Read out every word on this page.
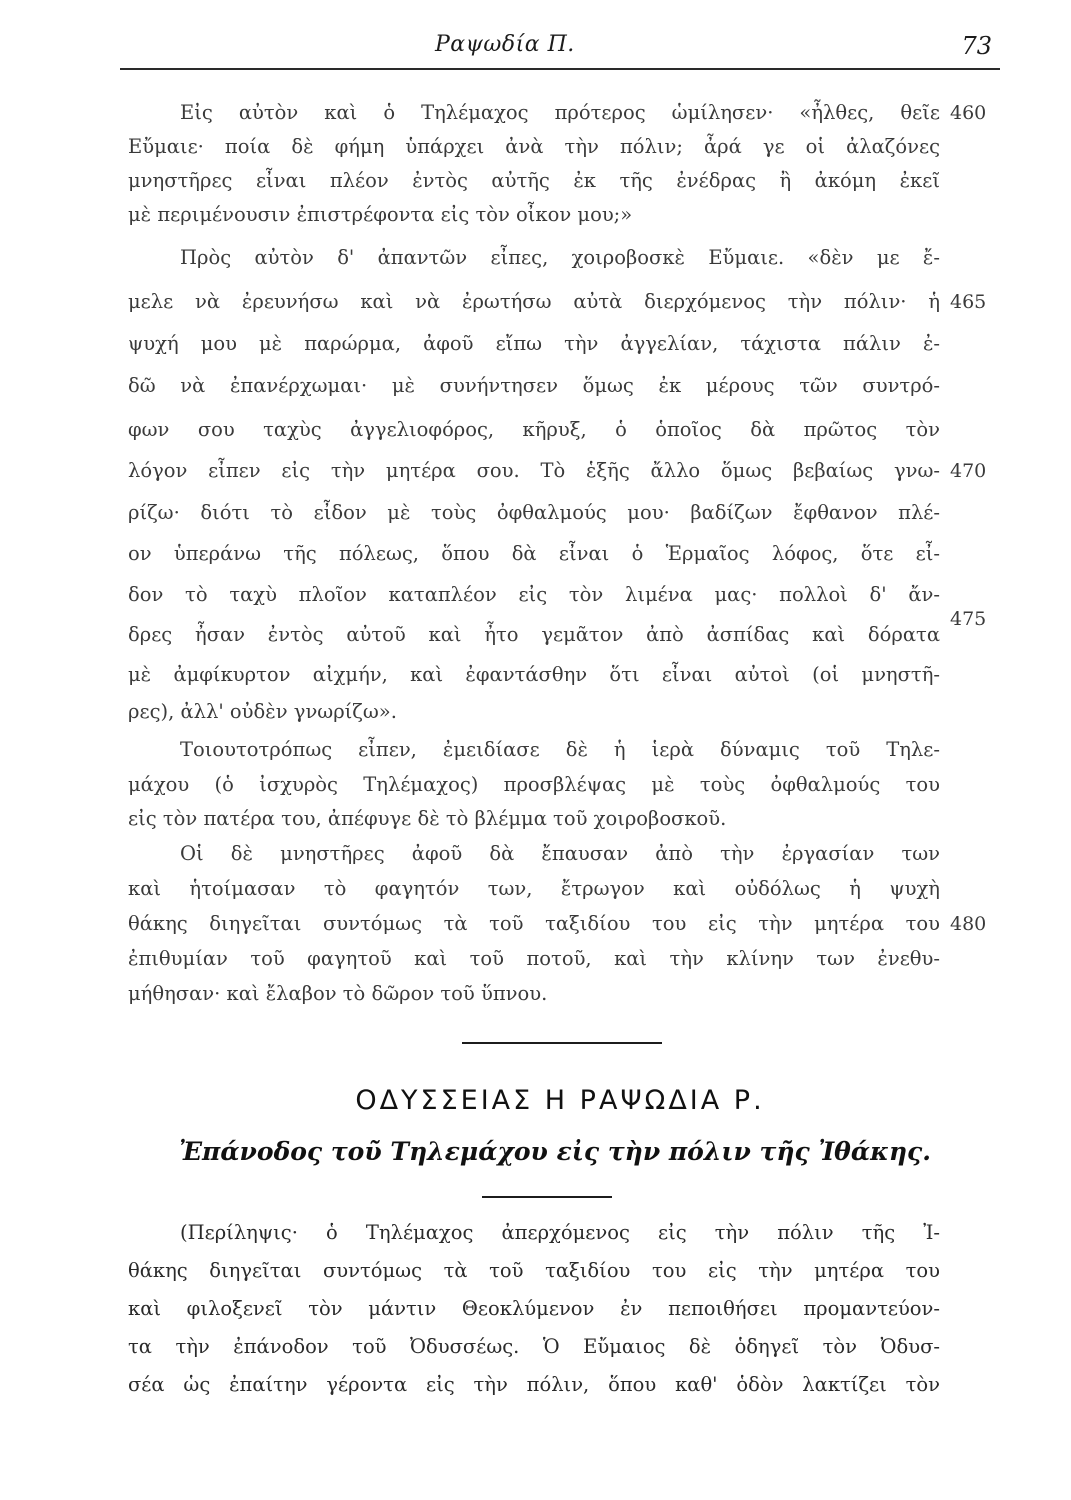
Ραψωδία Π.	73
Εἰς αὐτὸν καὶ ὁ Τηλέμαχος πρότερος ὡμίλησεν· «ἦλθες, θεῖε
Εὔμαιε· ποία δὲ φήμη ὑπάρχει ἀνὰ τὴν πόλιν; ἆρά γε οἱ ἀλαζόνες
μνηστῆρες εἶναι πλέον ἐντὸς αὐτῆς ἐκ τῆς ἐνέδρας ἢ ἀκόμη ἐκεῖ
μὲ περιμένουσιν ἐπιστρέφοντα εἰς τὸν οἶκον μου;»
Πρὸς αὐτὸν δ' ἀπαντῶν εἶπες, χοιροβοσκὲ Εὔμαιε. «δὲν με ἔ-
μελε νὰ ἐρευνήσω καὶ νὰ ἐρωτήσω αὐτὰ διερχόμενος τὴν πόλιν· ἡ
ψυχή μου μὲ παρώρμα, ἀφοῦ εἴπω τὴν ἀγγελίαν, τάχιστα πάλιν ἐ-
δῶ νὰ ἐπανέρχωμαι· μὲ συνήντησεν ὅμως ἐκ μέρους τῶν συντρό-
φων σου ταχὺς ἀγγελιοφόρος, κῆρυξ, ὁ ὁποῖος δὰ πρῶτος τὸν
λόγον εἶπεν εἰς τὴν μητέρα σου. Τὸ ἑξῆς ἄλλο ὅμως βεβαίως γνω-
ρίζω· διότι τὸ εἶδον μὲ τοὺς ὀφθαλμούς μου· βαδίζων ἔφθανον πλέ-
ον ὑπεράνω τῆς πόλεως, ὅπου δὰ εἶναι ὁ Ἑρμαῖος λόφος, ὅτε εἶ-
δον τὸ ταχὺ πλοῖον καταπλέον εἰς τὸν λιμένα μας· πολλοὶ δ' ἄν-
δρες ἦσαν ἐντὸς αὐτοῦ καὶ ἦτο γεμᾶτον ἀπὸ ἀσπίδας καὶ δόρατα
μὲ ἀμφίκυρτον αἰχμήν, καὶ ἐφαντάσθην ὅτι εἶναι αὐτοὶ (οἱ μνηστῆ-
ρες), ἀλλ' οὐδὲν γνωρίζω».
Τοιουτοτρόπως εἶπεν, ἐμειδίασε δὲ ἡ ἱερὰ δύναμις τοῦ Τηλε-
μάχου (ὁ ἰσχυρὸς Τηλέμαχος) προσβλέψας μὲ τοὺς ὀφθαλμούς του
εἰς τὸν πατέρα του, ἀπέφυγε δὲ τὸ βλέμμα τοῦ χοιροβοσκοῦ.
Οἱ δὲ μνηστῆρες ἀφοῦ δὰ ἔπαυσαν ἀπὸ τὴν ἐργασίαν των
καὶ ἡτοίμασαν τὸ φαγητόν των, ἔτρωγον καὶ οὐδόλως ἡ ψυχὴ
θάκης διηγεῖται συντόμως τὰ τοῦ ταξιδίου του εἰς τὴν μητέρα του
ἐπιθυμίαν τοῦ φαγητοῦ καὶ τοῦ ποτοῦ, καὶ τὴν κλίνην των ἐνεθυ-
μήθησαν· καὶ ἔλαβον τὸ δῶρον τοῦ ὕπνου.
460
465
470
475
480
ΟΔΥΣΣΕΙΑΣ Η ΡΑΨΩΔΙΑ Ρ.
Ἐπάνοδος τοῦ Τηλεμάχου εἰς τὴν πόλιν τῆς Ἰθάκης.
(Περίληψις· ὁ Τηλέμαχος ἀπερχόμενος εἰς τὴν πόλιν τῆς Ἰ-
θάκης διηγεῖται συντόμως τὰ τοῦ ταξιδίου του εἰς τὴν μητέρα του
καὶ φιλοξενεῖ τὸν μάντιν Θεοκλύμενον ἐν πεποιθήσει προμαντεύον-
τα τὴν ἐπάνοδον τοῦ Ὀδυσσέως. Ὁ Εὔμαιος δὲ ὁδηγεῖ τὸν Ὀδυσ-
σέα ὡς ἐπαίτην γέροντα εἰς τὴν πόλιν, ὅπου καθ' ὁδὸν λακτίζει τὸν
